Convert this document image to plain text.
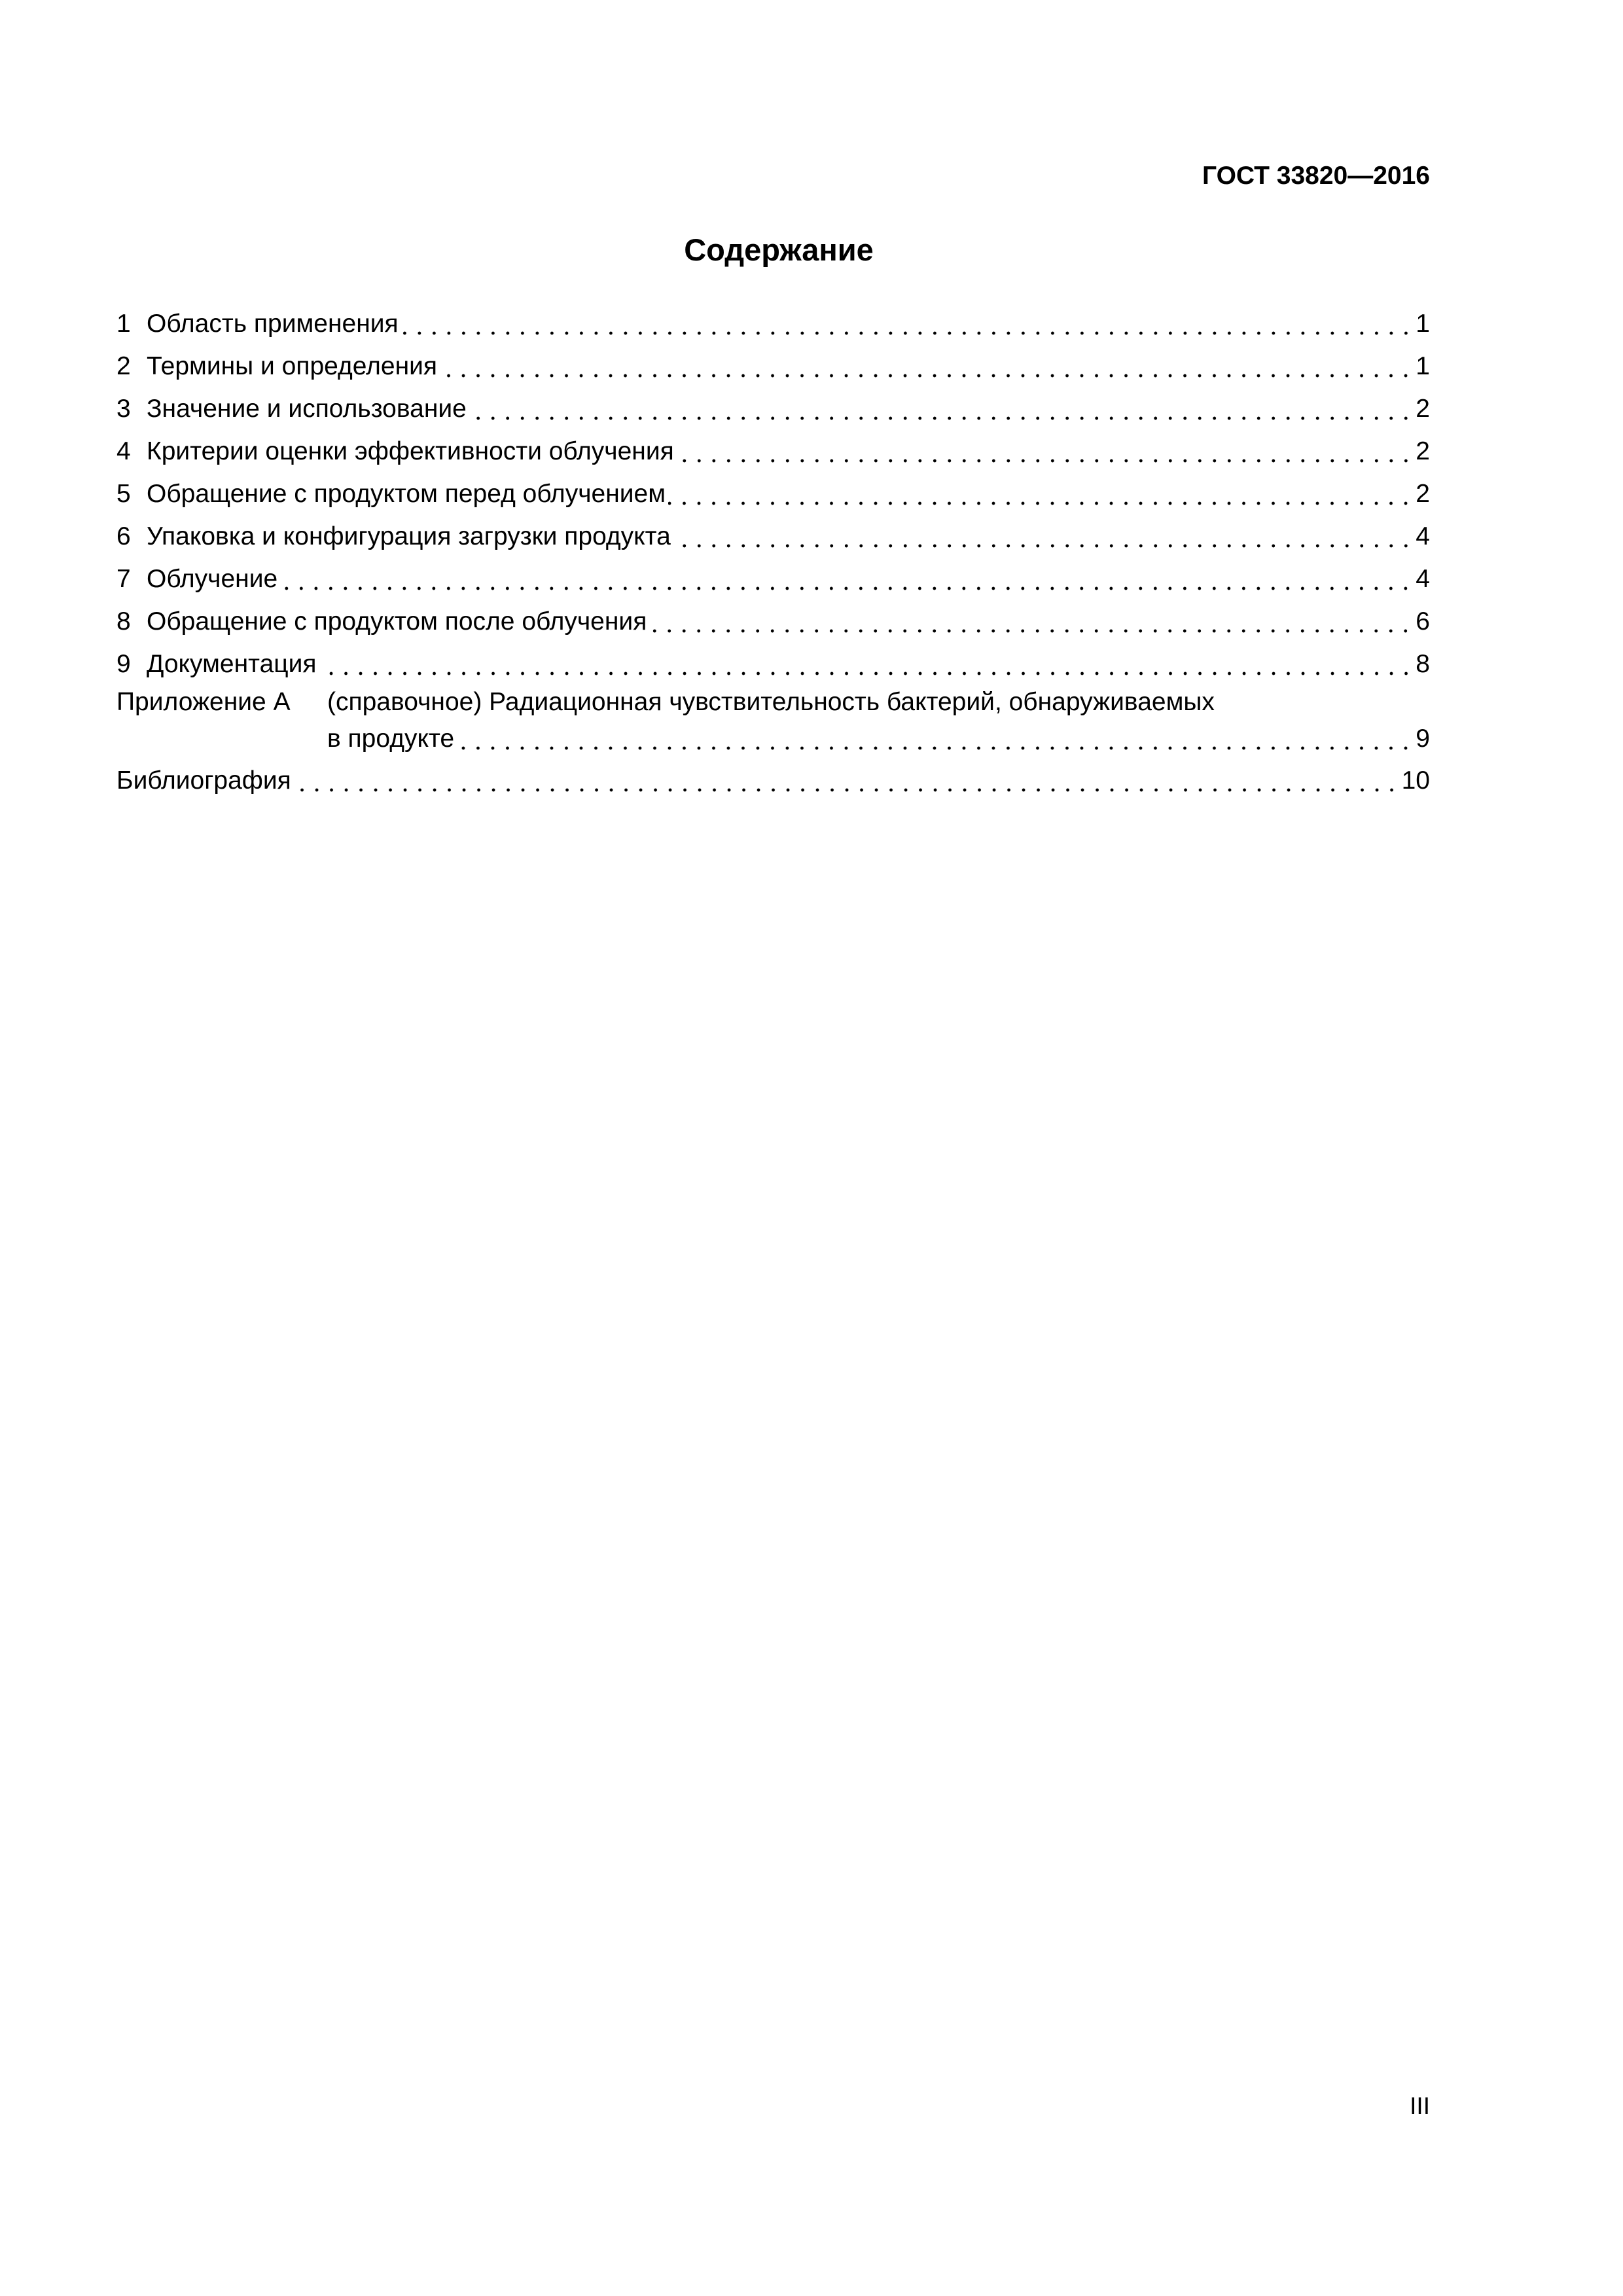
ГОСТ 33820—2016
Содержание
1 Область применения	1
2 Термины и определения	1
3 Значение и использование	2
4 Критерии оценки эффективности облучения	2
5 Обращение с продуктом перед облучением	2
6 Упаковка и конфигурация загрузки продукта	4
7 Облучение	4
8 Обращение с продуктом после облучения	6
9 Документация	8
Приложение А	(справочное) Радиационная чувствительность бактерий, обнаруживаемых
в продукте	9
Библиография	10
III
